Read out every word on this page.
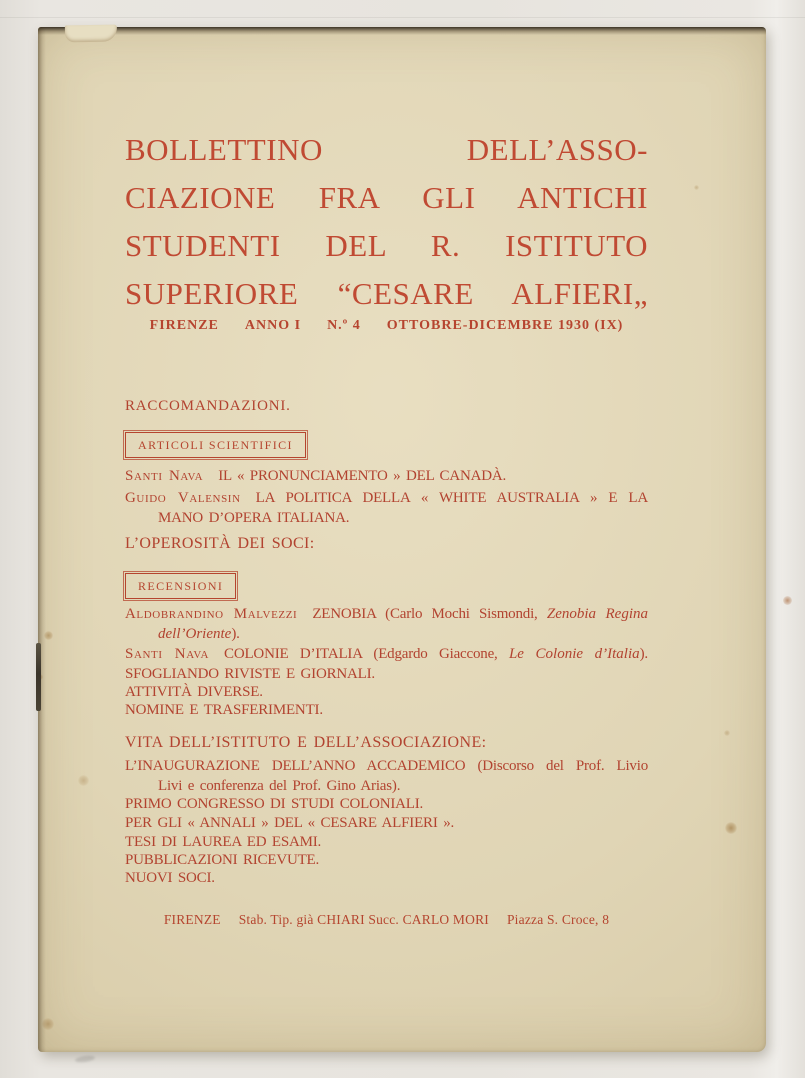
BOLLETTINO DELL’ASSO-
CIAZIONE FRA GLI ANTICHI
STUDENTI DEL R. ISTITUTO
SUPERIORE “CESARE ALFIERI„
FIRENZE ANNO I N.º 4 OTTOBRE-DICEMBRE 1930 (IX)
RACCOMANDAZIONI.
ARTICOLI SCIENTIFICI
Santi Nava IL « PRONUNCIAMENTO » DEL CANADÀ.
Guido Valensin LA POLITICA DELLA « WHITE AUSTRALIA » E LA
MANO D’OPERA ITALIANA.
L’OPEROSITÀ DEI SOCI:
RECENSIONI
Aldobrandino Malvezzi ZENOBIA (Carlo Mochi Sismondi, Zenobia Regina
dell’Oriente).
Santi Nava COLONIE D’ITALIA (Edgardo Giaccone, Le Colonie d’Italia).
SFOGLIANDO RIVISTE E GIORNALI.
ATTIVITÀ DIVERSE.
NOMINE E TRASFERIMENTI.
VITA DELL’ISTITUTO E DELL’ASSOCIAZIONE:
L’INAUGURAZIONE DELL’ANNO ACCADEMICO (Discorso del Prof. Livio
Livi e conferenza del Prof. Gino Arias).
PRIMO CONGRESSO DI STUDI COLONIALI.
PER GLI « ANNALI » DEL « CESARE ALFIERI ».
TESI DI LAUREA ED ESAMI.
PUBBLICAZIONI RICEVUTE.
NUOVI SOCI.
FIRENZE Stab. Tip. già CHIARI Succ. CARLO MORI Piazza S. Croce, 8
